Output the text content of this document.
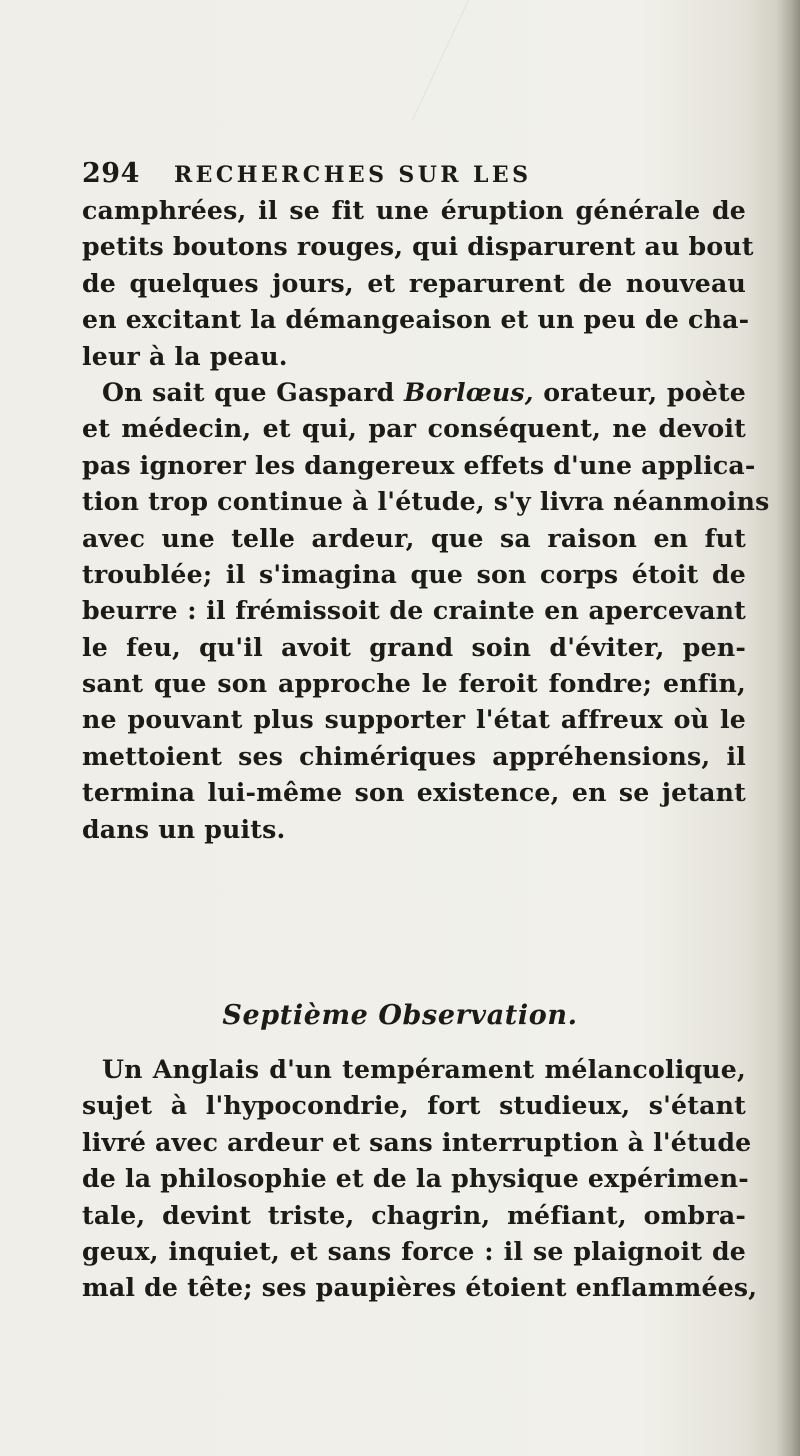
294 RECHERCHES SUR LES
camphrées, il se fit une éruption générale de
petits boutons rouges, qui disparurent au bout
de quelques jours, et reparurent de nouveau
en excitant la démangeaison et un peu de cha-
leur à la peau.
On sait que Gaspard Borlœus, orateur, poète
et médecin, et qui, par conséquent, ne devoit
pas ignorer les dangereux effets d'une applica-
tion trop continue à l'étude, s'y livra néanmoins
avec une telle ardeur, que sa raison en fut
troublée; il s'imagina que son corps étoit de
beurre : il frémissoit de crainte en apercevant
le feu, qu'il avoit grand soin d'éviter, pen-
sant que son approche le feroit fondre; enfin,
ne pouvant plus supporter l'état affreux où le
mettoient ses chimériques appréhensions, il
termina lui-même son existence, en se jetant
dans un puits.
Septième Observation.
Un Anglais d'un tempérament mélancolique,
sujet à l'hypocondrie, fort studieux, s'étant
livré avec ardeur et sans interruption à l'étude
de la philosophie et de la physique expérimen-
tale, devint triste, chagrin, méfiant, ombra-
geux, inquiet, et sans force : il se plaignoit de
mal de tête; ses paupières étoient enflammées,
